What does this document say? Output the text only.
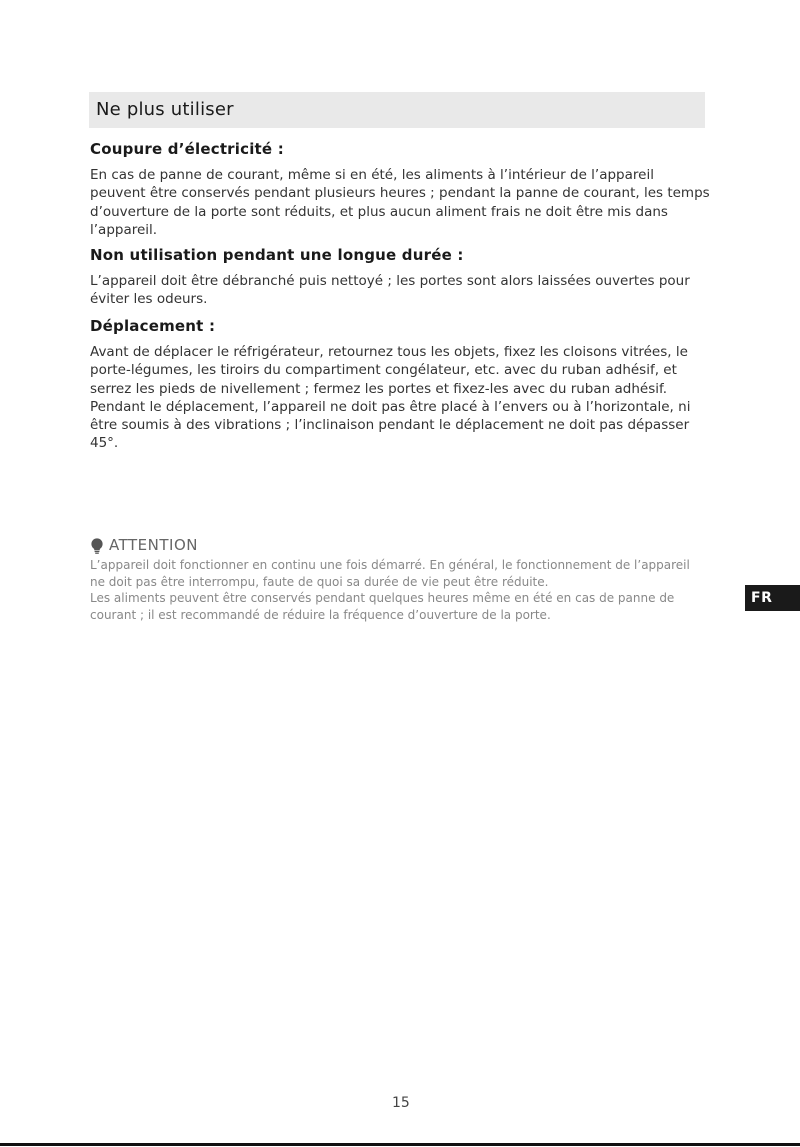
Ne plus utiliser
Coupure d’électricité :

En cas de panne de courant, même si en été, les aliments à l’intérieur de l’appareil peuvent être conservés pendant plusieurs heures ; pendant la panne de courant, les temps d’ouverture de la porte sont réduits, et plus aucun aliment frais ne doit être mis dans l’appareil.

Non utilisation pendant une longue durée :

L’appareil doit être débranché puis nettoyé ; les portes sont alors laissées ouvertes pour éviter les odeurs.

Déplacement :

Avant de déplacer le réfrigérateur, retournez tous les objets, fixez les cloisons vitrées, le porte-légumes, les tiroirs du compartiment congélateur, etc. avec du ruban adhésif, et serrez les pieds de nivellement ; fermez les portes et fixez-les avec du ruban adhésif. Pendant le déplacement, l’appareil ne doit pas être placé à l’envers ou à l’horizontale, ni être soumis à des vibrations ; l’inclinaison pendant le déplacement ne doit pas dépasser 45°.

ATTENTION

L’appareil doit fonctionner en continu une fois démarré. En général, le fonctionnement de l’appareil ne doit pas être interrompu, faute de quoi sa durée de vie peut être réduite.
Les aliments peuvent être conservés pendant quelques heures même en été en cas de panne de courant ; il est recommandé de réduire la fréquence d’ouverture de la porte.

FR
15
